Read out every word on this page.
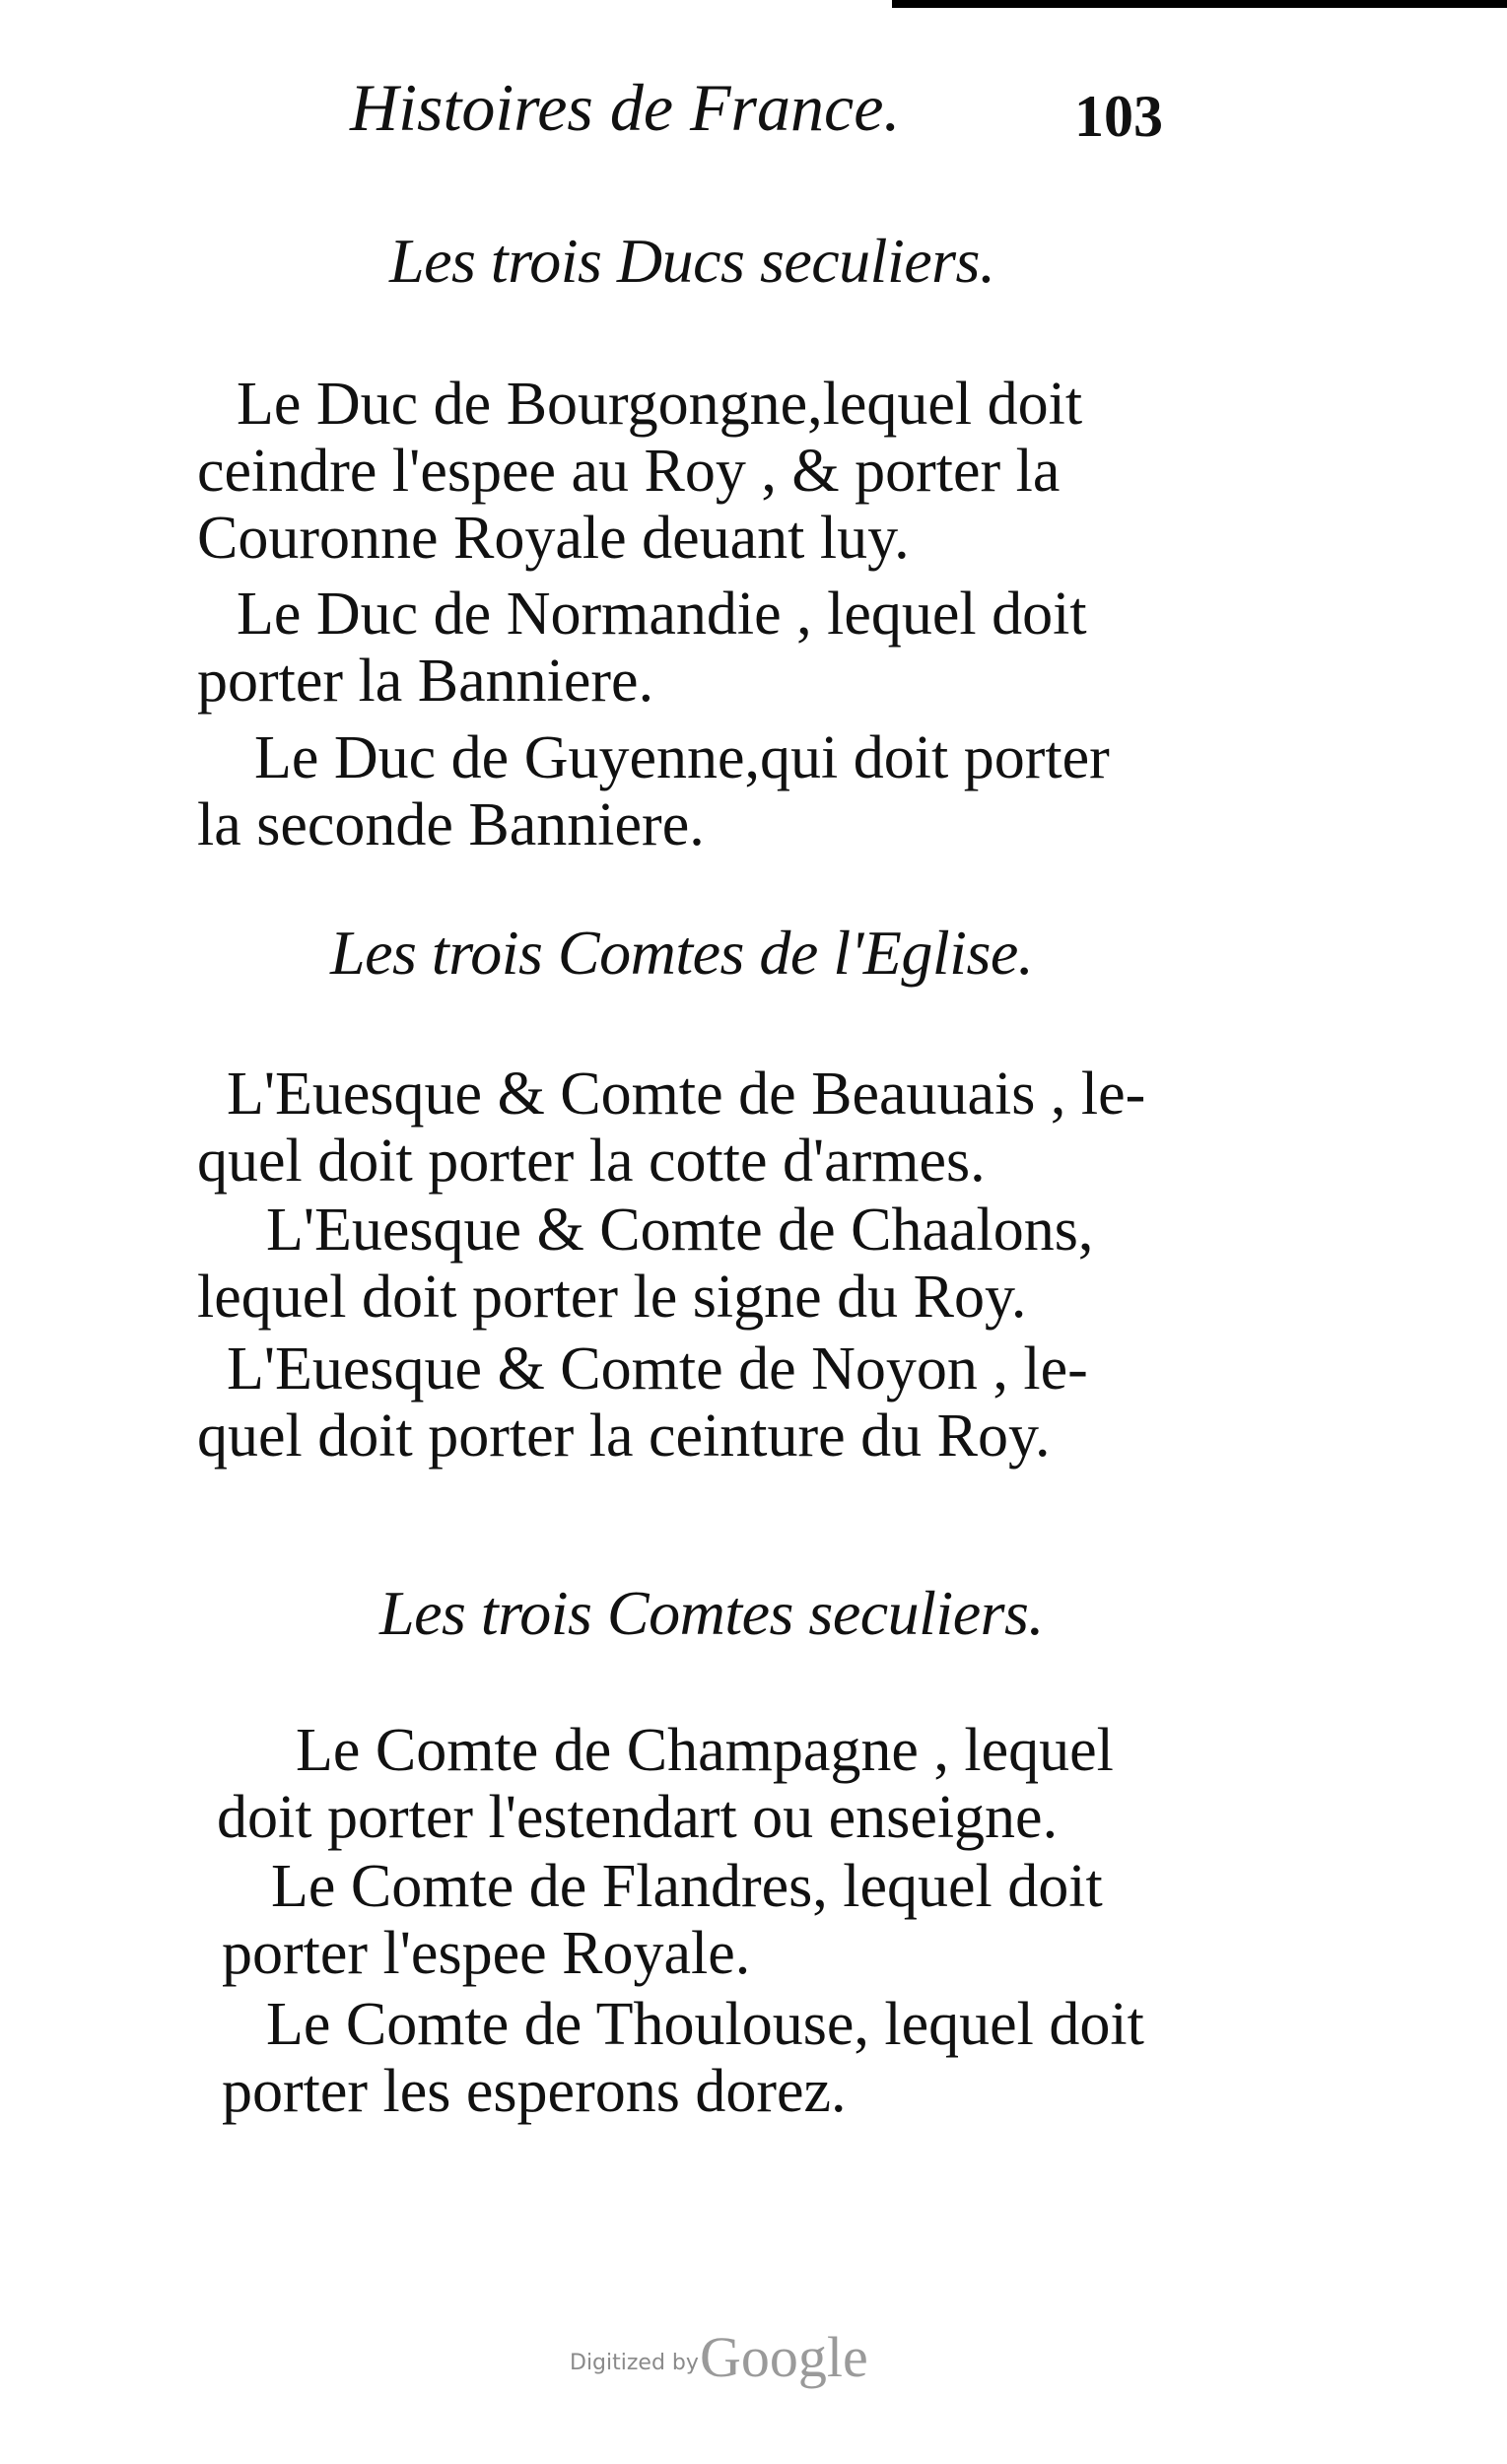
Histoires de France.	103
Les trois Ducs seculiers.
Le Duc de Bourgongne,lequel doit
ceindre l'espee au Roy , & porter la
Couronne Royale deuant luy.
Le Duc de Normandie , lequel doit
porter la Banniere.
Le Duc de Guyenne,qui doit porter
la seconde Banniere.
Les trois Comtes de l'Eglise.
L'Euesque & Comte de Beauuais , le-
quel doit porter la cotte d'armes.
L'Euesque & Comte de Chaalons,
lequel doit porter le signe du Roy.
L'Euesque & Comte de Noyon , le-
quel doit porter la ceinture du Roy.
Les trois Comtes seculiers.
Le Comte de Champagne , lequel
doit porter l'estendart ou enseigne.
Le Comte de Flandres, lequel doit
porter l'espee Royale.
Le Comte de Thoulouse, lequel doit
porter les esperons dorez.
Digitized by Google
